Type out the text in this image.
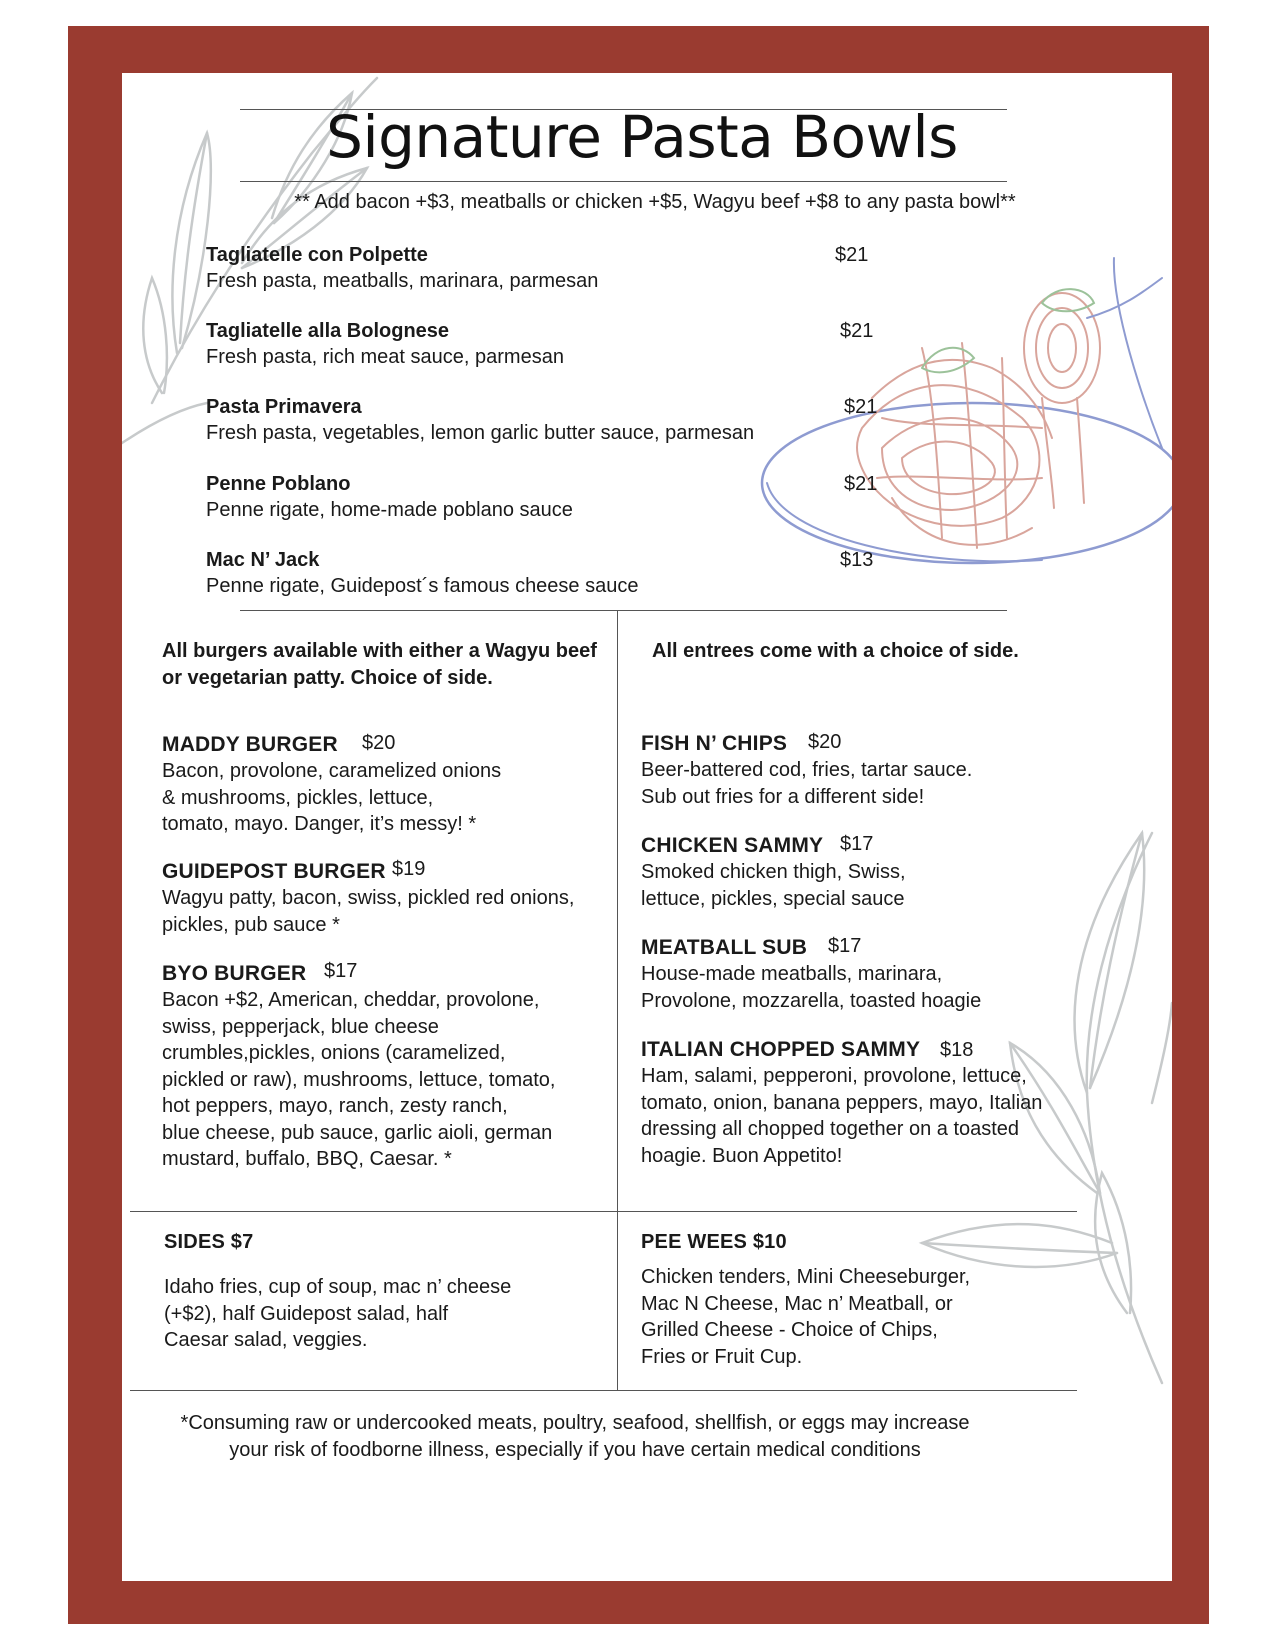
Signature Pasta Bowls
** Add bacon +$3, meatballs or chicken +$5, Wagyu beef +$8 to any pasta bowl**
Tagliatelle con Polpette	$21
Fresh pasta, meatballs, marinara, parmesan
Tagliatelle alla Bolognese	$21
Fresh pasta, rich meat sauce, parmesan
Pasta Primavera	$21
Fresh pasta, vegetables, lemon garlic butter sauce, parmesan
Penne Poblano	$21
Penne rigate, home-made poblano sauce
Mac N’ Jack	$13
Penne rigate, Guidepost´s famous cheese sauce
All burgers available with either a Wagyu beef
or vegetarian patty. Choice of side.
MADDY BURGER $20
Bacon, provolone, caramelized onions
& mushrooms, pickles, lettuce,
tomato, mayo. Danger, it’s messy! *
GUIDEPOST BURGER $19
Wagyu patty, bacon, swiss, pickled red onions,
pickles, pub sauce *
BYO BURGER $17
Bacon +$2, American, cheddar, provolone,
swiss, pepperjack, blue cheese
crumbles,pickles, onions (caramelized,
pickled or raw), mushrooms, lettuce, tomato,
hot peppers, mayo, ranch, zesty ranch,
blue cheese, pub sauce, garlic aioli, german
mustard, buffalo, BBQ, Caesar. *
All entrees come with a choice of side.
FISH N’ CHIPS $20
Beer-battered cod, fries, tartar sauce.
Sub out fries for a different side!
CHICKEN SAMMY $17
Smoked chicken thigh, Swiss,
lettuce, pickles, special sauce
MEATBALL SUB $17
House-made meatballs, marinara,
Provolone, mozzarella, toasted hoagie
ITALIAN CHOPPED SAMMY $18
Ham, salami, pepperoni, provolone, lettuce,
tomato, onion, banana peppers, mayo, Italian
dressing all chopped together on a toasted
hoagie. Buon Appetito!
SIDES $7
Idaho fries, cup of soup, mac n’ cheese
(+$2), half Guidepost salad, half
Caesar salad, veggies.
PEE WEES $10
Chicken tenders, Mini Cheeseburger,
Mac N Cheese, Mac n’ Meatball, or
Grilled Cheese - Choice of Chips,
Fries or Fruit Cup.
*Consuming raw or undercooked meats, poultry, seafood, shellfish, or eggs may increase
your risk of foodborne illness, especially if you have certain medical conditions
